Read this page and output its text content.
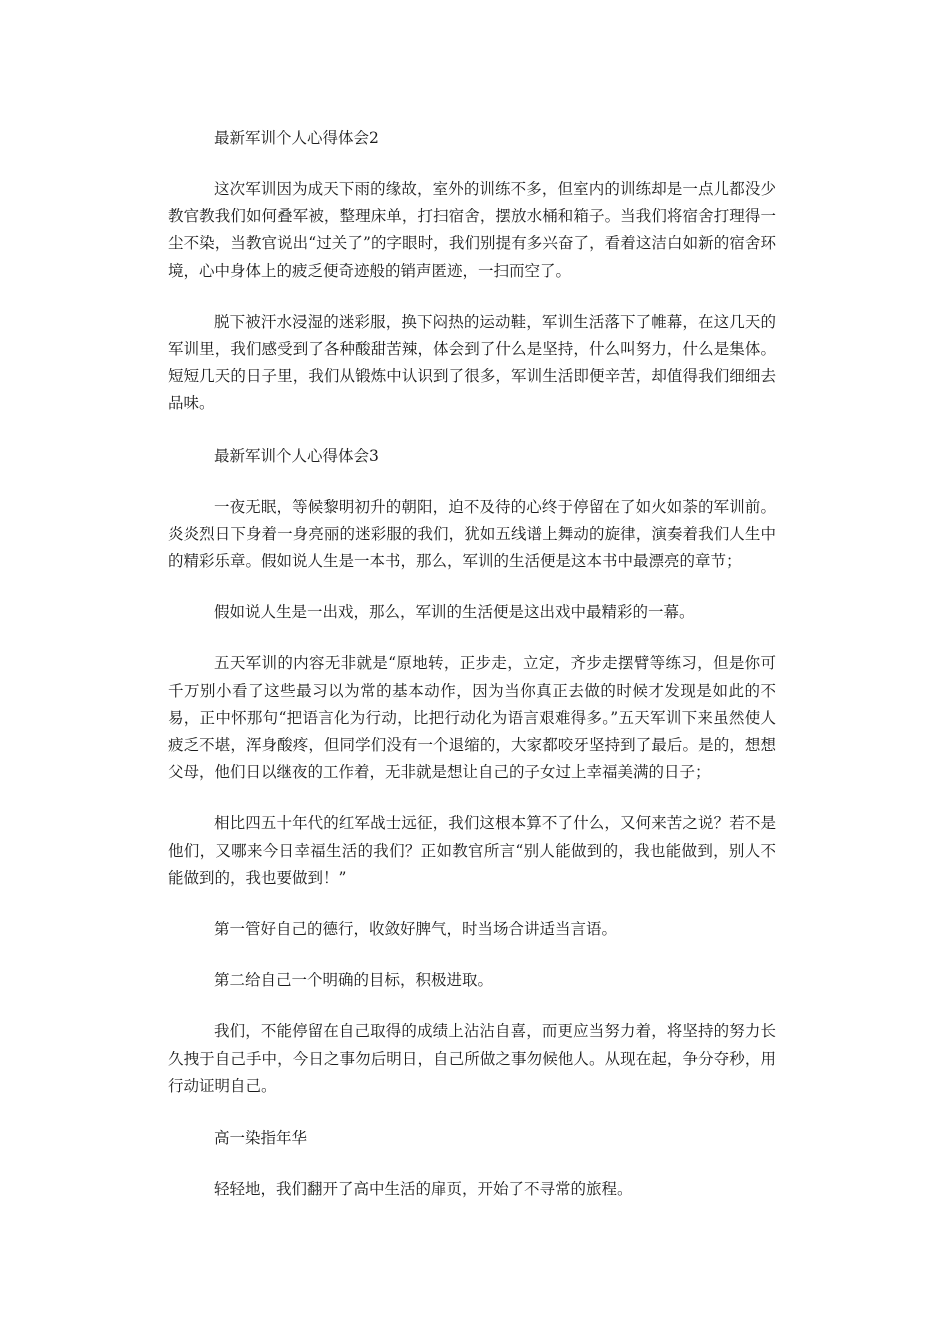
最新军训个人心得体会2

这次军训因为成天下雨的缘故，室外的训练不多，但室内的训练却是一点儿都没少教官教我们如何叠军被，整理床单，打扫宿舍，摆放水桶和箱子。当我们将宿舍打理得一尘不染，当教官说出“过关了”的字眼时，我们别提有多兴奋了，看着这洁白如新的宿舍环境，心中身体上的疲乏便奇迹般的销声匿迹，一扫而空了。

脱下被汗水浸湿的迷彩服，换下闷热的运动鞋，军训生活落下了帷幕，在这几天的军训里，我们感受到了各种酸甜苦辣，体会到了什么是坚持，什么叫努力，什么是集体。短短几天的日子里，我们从锻炼中认识到了很多，军训生活即便辛苦，却值得我们细细去品味。

最新军训个人心得体会3

一夜无眠，等候黎明初升的朝阳，迫不及待的心终于停留在了如火如荼的军训前。炎炎烈日下身着一身亮丽的迷彩服的我们，犹如五线谱上舞动的旋律，演奏着我们人生中的精彩乐章。假如说人生是一本书，那么，军训的生活便是这本书中最漂亮的章节；

假如说人生是一出戏，那么，军训的生活便是这出戏中最精彩的一幕。

五天军训的内容无非就是“原地转，正步走，立定，齐步走摆臂等练习，但是你可千万别小看了这些最习以为常的基本动作，因为当你真正去做的时候才发现是如此的不易，正中怀那句“把语言化为行动，比把行动化为语言艰难得多。”五天军训下来虽然使人疲乏不堪，浑身酸疼，但同学们没有一个退缩的，大家都咬牙坚持到了最后。是的，想想父母，他们日以继夜的工作着，无非就是想让自己的子女过上幸福美满的日子；

相比四五十年代的红军战士远征，我们这根本算不了什么，又何来苦之说？若不是他们，又哪来今日幸福生活的我们？正如教官所言“别人能做到的，我也能做到，别人不能做到的，我也要做到！”

第一管好自己的德行，收敛好脾气，时当场合讲适当言语。

第二给自己一个明确的目标，积极进取。

我们，不能停留在自己取得的成绩上沾沾自喜，而更应当努力着，将坚持的努力长久拽于自己手中，今日之事勿后明日，自己所做之事勿候他人。从现在起，争分夺秒，用行动证明自己。

高一染指年华

轻轻地，我们翻开了高中生活的扉页，开始了不寻常的旅程。
